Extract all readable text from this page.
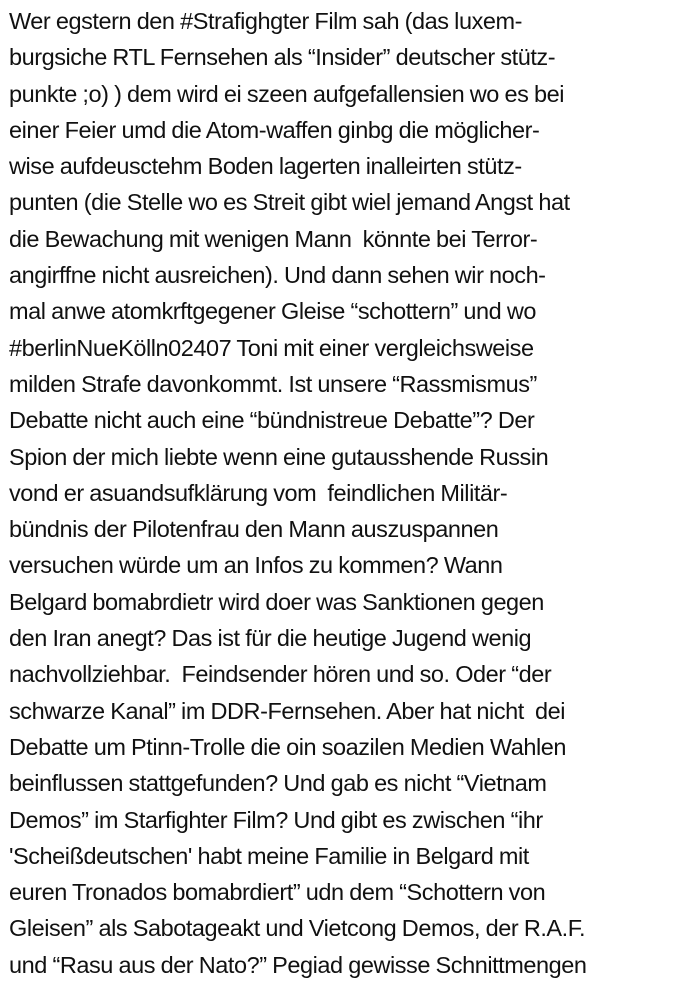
Wer egstern den #Strafighgter Film sah (das luxem-
burgsiche RTL Fernsehen als “Insider” deutscher stütz-
punkte ;o) ) dem wird ei szeen aufgefallensien wo es bei
einer Feier umd die Atom-waffen ginbg die möglicher-
wise aufdeusctehm Boden lagerten inalleirten stütz-
punten (die Stelle wo es Streit gibt wiel jemand Angst hat
die Bewachung mit wenigen Mann  könnte bei Terror-
angirffne nicht ausreichen). Und dann sehen wir noch-
mal anwe atomkrftgegener Gleise “schottern” und wo
#berlinNueKölln02407 Toni mit einer vergleichsweise
milden Strafe davonkommt. Ist unsere “Rassmismus”
Debatte nicht auch eine “bündnistreue Debatte”? Der
Spion der mich liebte wenn eine gutausshende Russin
vond er asuandsufklärung vom  feindlichen Militär-
bündnis der Pilotenfrau den Mann auszuspannen
versuchen würde um an Infos zu kommen? Wann
Belgard bomabrdietr wird doer was Sanktionen gegen
den Iran anegt? Das ist für die heutige Jugend wenig
nachvollziehbar.  Feindsender hören und so. Oder “der
schwarze Kanal” im DDR-Fernsehen. Aber hat nicht  dei
Debatte um Ptinn-Trolle die oin soazilen Medien Wahlen
beinflussen stattgefunden? Und gab es nicht “Vietnam
Demos” im Starfighter Film? Und gibt es zwischen “ihr
'Scheißdeutschen' habt meine Familie in Belgard mit
euren Tronados bomabrdiert” udn dem “Schottern von
Gleisen” als Sabotageakt und Vietcong Demos, der R.A.F.
und “Rasu aus der Nato?” Pegiad gewisse Schnittmengen
